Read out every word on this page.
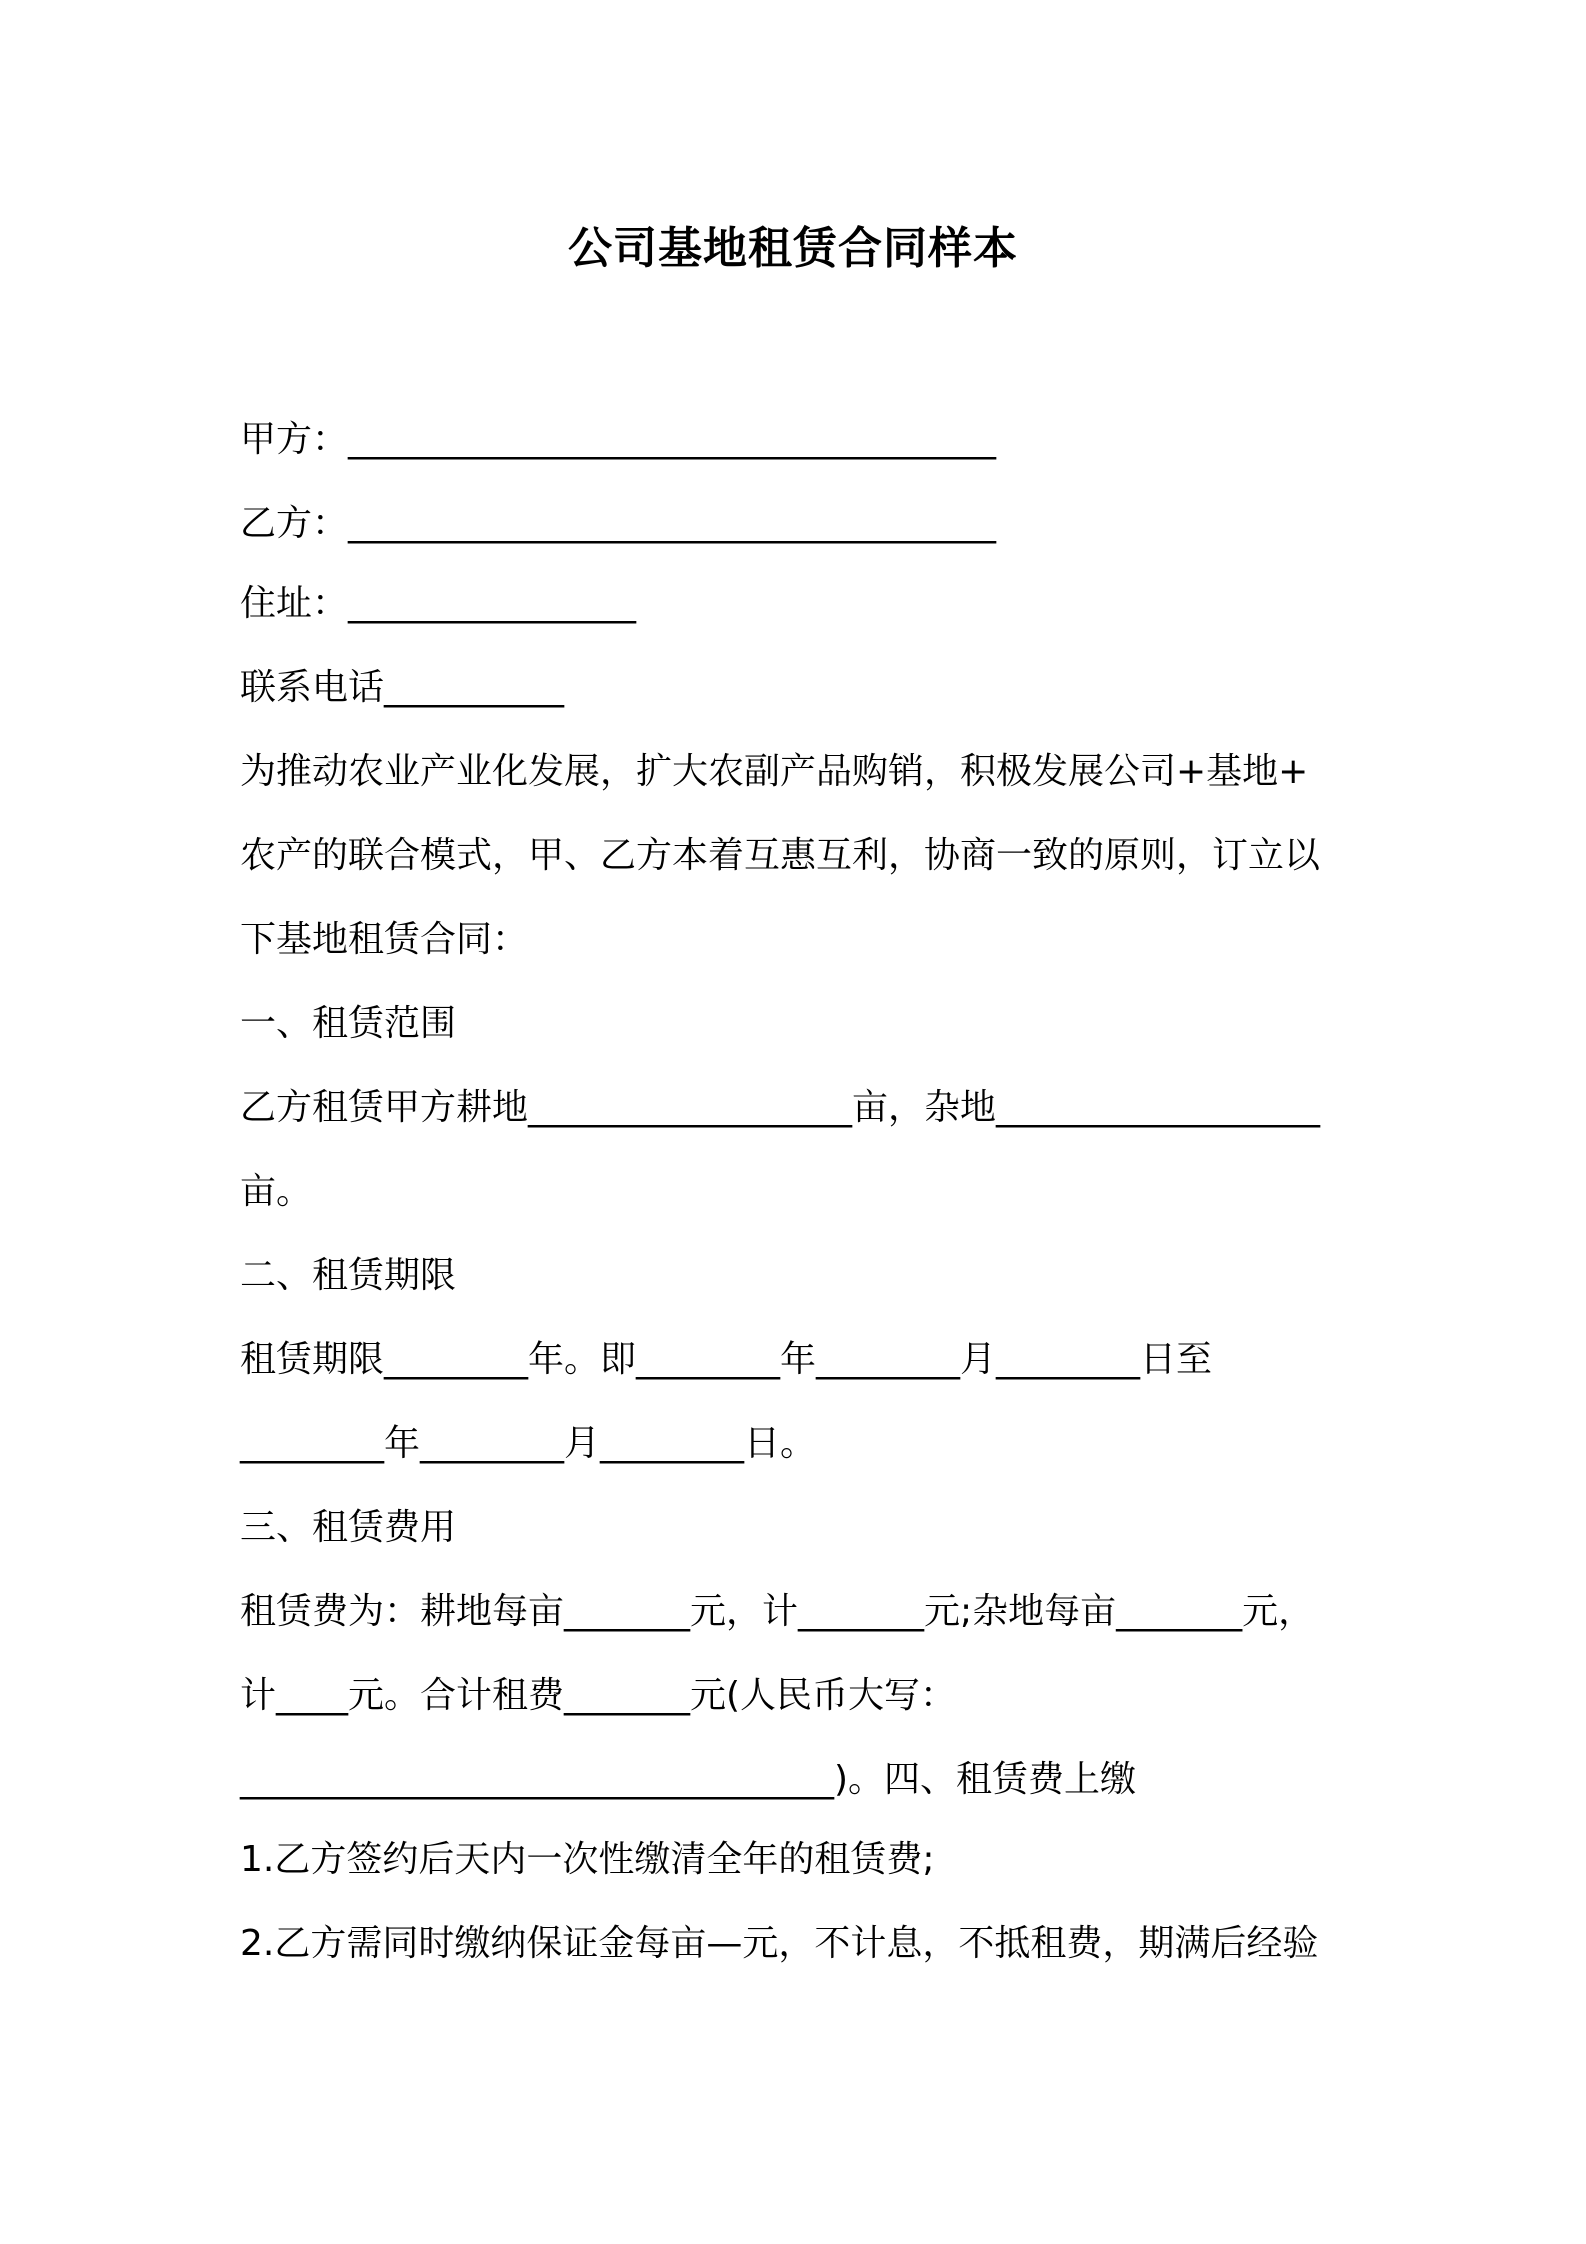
公司基地租赁合同样本
甲方：____________________________________
乙方：____________________________________
住址：________________
联系电话__________
为推动农业产业化发展，扩大农副产品购销，积极发展公司+基地+
农产的联合模式，甲、乙方本着互惠互利，协商一致的原则，订立以
下基地租赁合同：
一、租赁范围
乙方租赁甲方耕地__________________亩，杂地__________________
亩。
二、租赁期限
租赁期限________年。即________年________月________日至
________年________月________日。
三、租赁费用
租赁费为：耕地每亩_______元，计_______元;杂地每亩_______元，
计____元。合计租费_______元(人民币大写：
_________________________________)。四、租赁费上缴
1.乙方签约后天内一次性缴清全年的租赁费;
2.乙方需同时缴纳保证金每亩—元，不计息，不抵租费，期满后经验
